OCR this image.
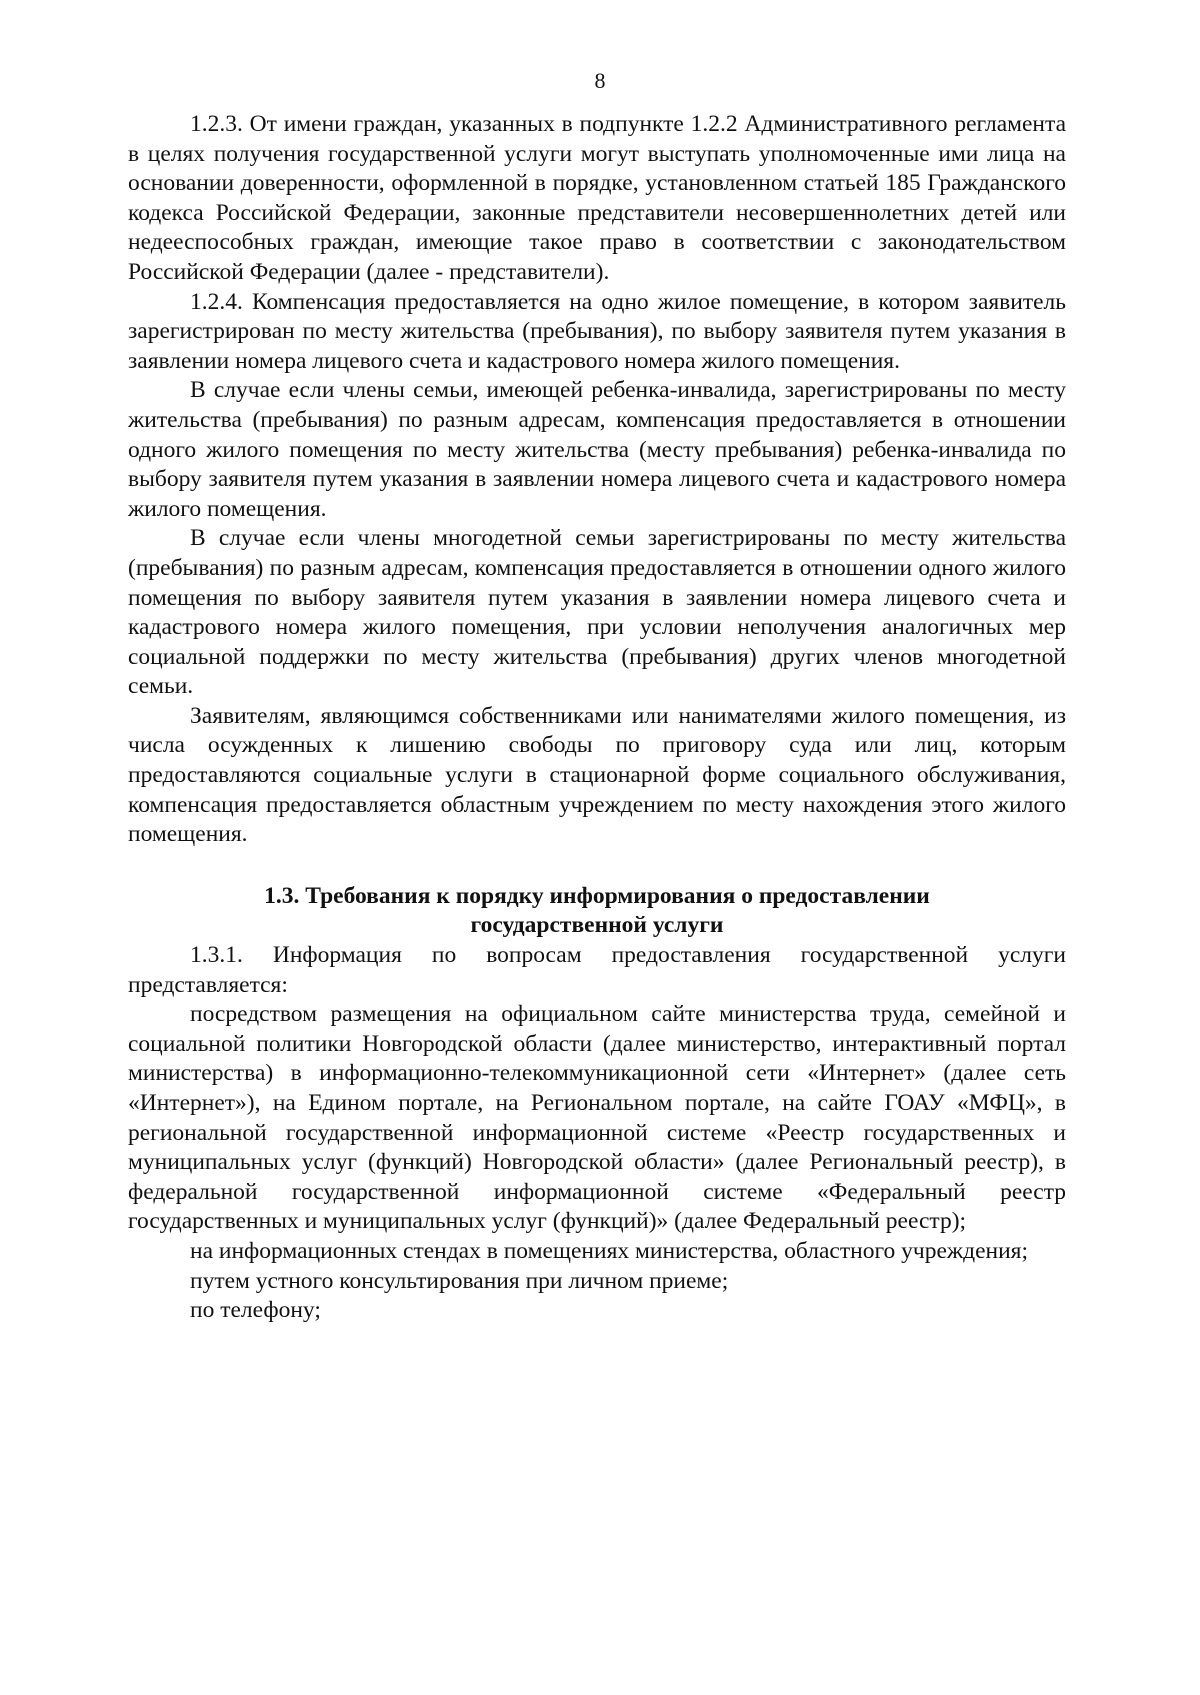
8

1.2.3. От имени граждан, указанных в подпункте 1.2.2 Административного регламента в целях получения государственной услуги могут выступать уполномоченные ими лица на основании доверенности, оформленной в порядке, установленном статьей 185 Гражданского кодекса Российской Федерации, законные представители несовершеннолетних детей или недееспособных граждан, имеющие такое право в соответствии с законодательством Российской Федерации (далее - представители).

1.2.4. Компенсация предоставляется на одно жилое помещение, в котором заявитель зарегистрирован по месту жительства (пребывания), по выбору заявителя путем указания в заявлении номера лицевого счета и кадастрового номера жилого помещения.

В случае если члены семьи, имеющей ребенка-инвалида, зарегистрированы по месту жительства (пребывания) по разным адресам, компенсация предоставляется в отношении одного жилого помещения по месту жительства (месту пребывания) ребенка-инвалида по выбору заявителя путем указания в заявлении номера лицевого счета и кадастрового номера жилого помещения.

В случае если члены многодетной семьи зарегистрированы по месту жительства (пребывания) по разным адресам, компенсация предоставляется в отношении одного жилого помещения по выбору заявителя путем указания в заявлении номера лицевого счета и кадастрового номера жилого помещения, при условии неполучения аналогичных мер социальной поддержки по месту жительства (пребывания) других членов многодетной семьи.

Заявителям, являющимся собственниками или нанимателями жилого помещения, из числа осужденных к лишению свободы по приговору суда или лиц, которым предоставляются социальные услуги в стационарной форме социального обслуживания, компенсация предоставляется областным учреждением по месту нахождения этого жилого помещения.

1.3. Требования к порядку информирования о предоставлении
государственной услуги

1.3.1. Информация по вопросам предоставления государственной услуги представляется:

посредством размещения на официальном сайте министерства труда, семейной и социальной политики Новгородской области (далее министерство, интерактивный портал министерства) в информационно-телекоммуникационной сети «Интернет» (далее сеть «Интернет»), на Едином портале, на Региональном портале, на сайте ГОАУ «МФЦ», в региональной государственной информационной системе «Реестр государственных и муниципальных услуг (функций) Новгородской области» (далее Региональный реестр), в федеральной государственной информационной системе «Федеральный реестр государственных и муниципальных услуг (функций)» (далее Федеральный реестр);

на информационных стендах в помещениях министерства, областного учреждения;

путем устного консультирования при личном приеме;

по телефону;
